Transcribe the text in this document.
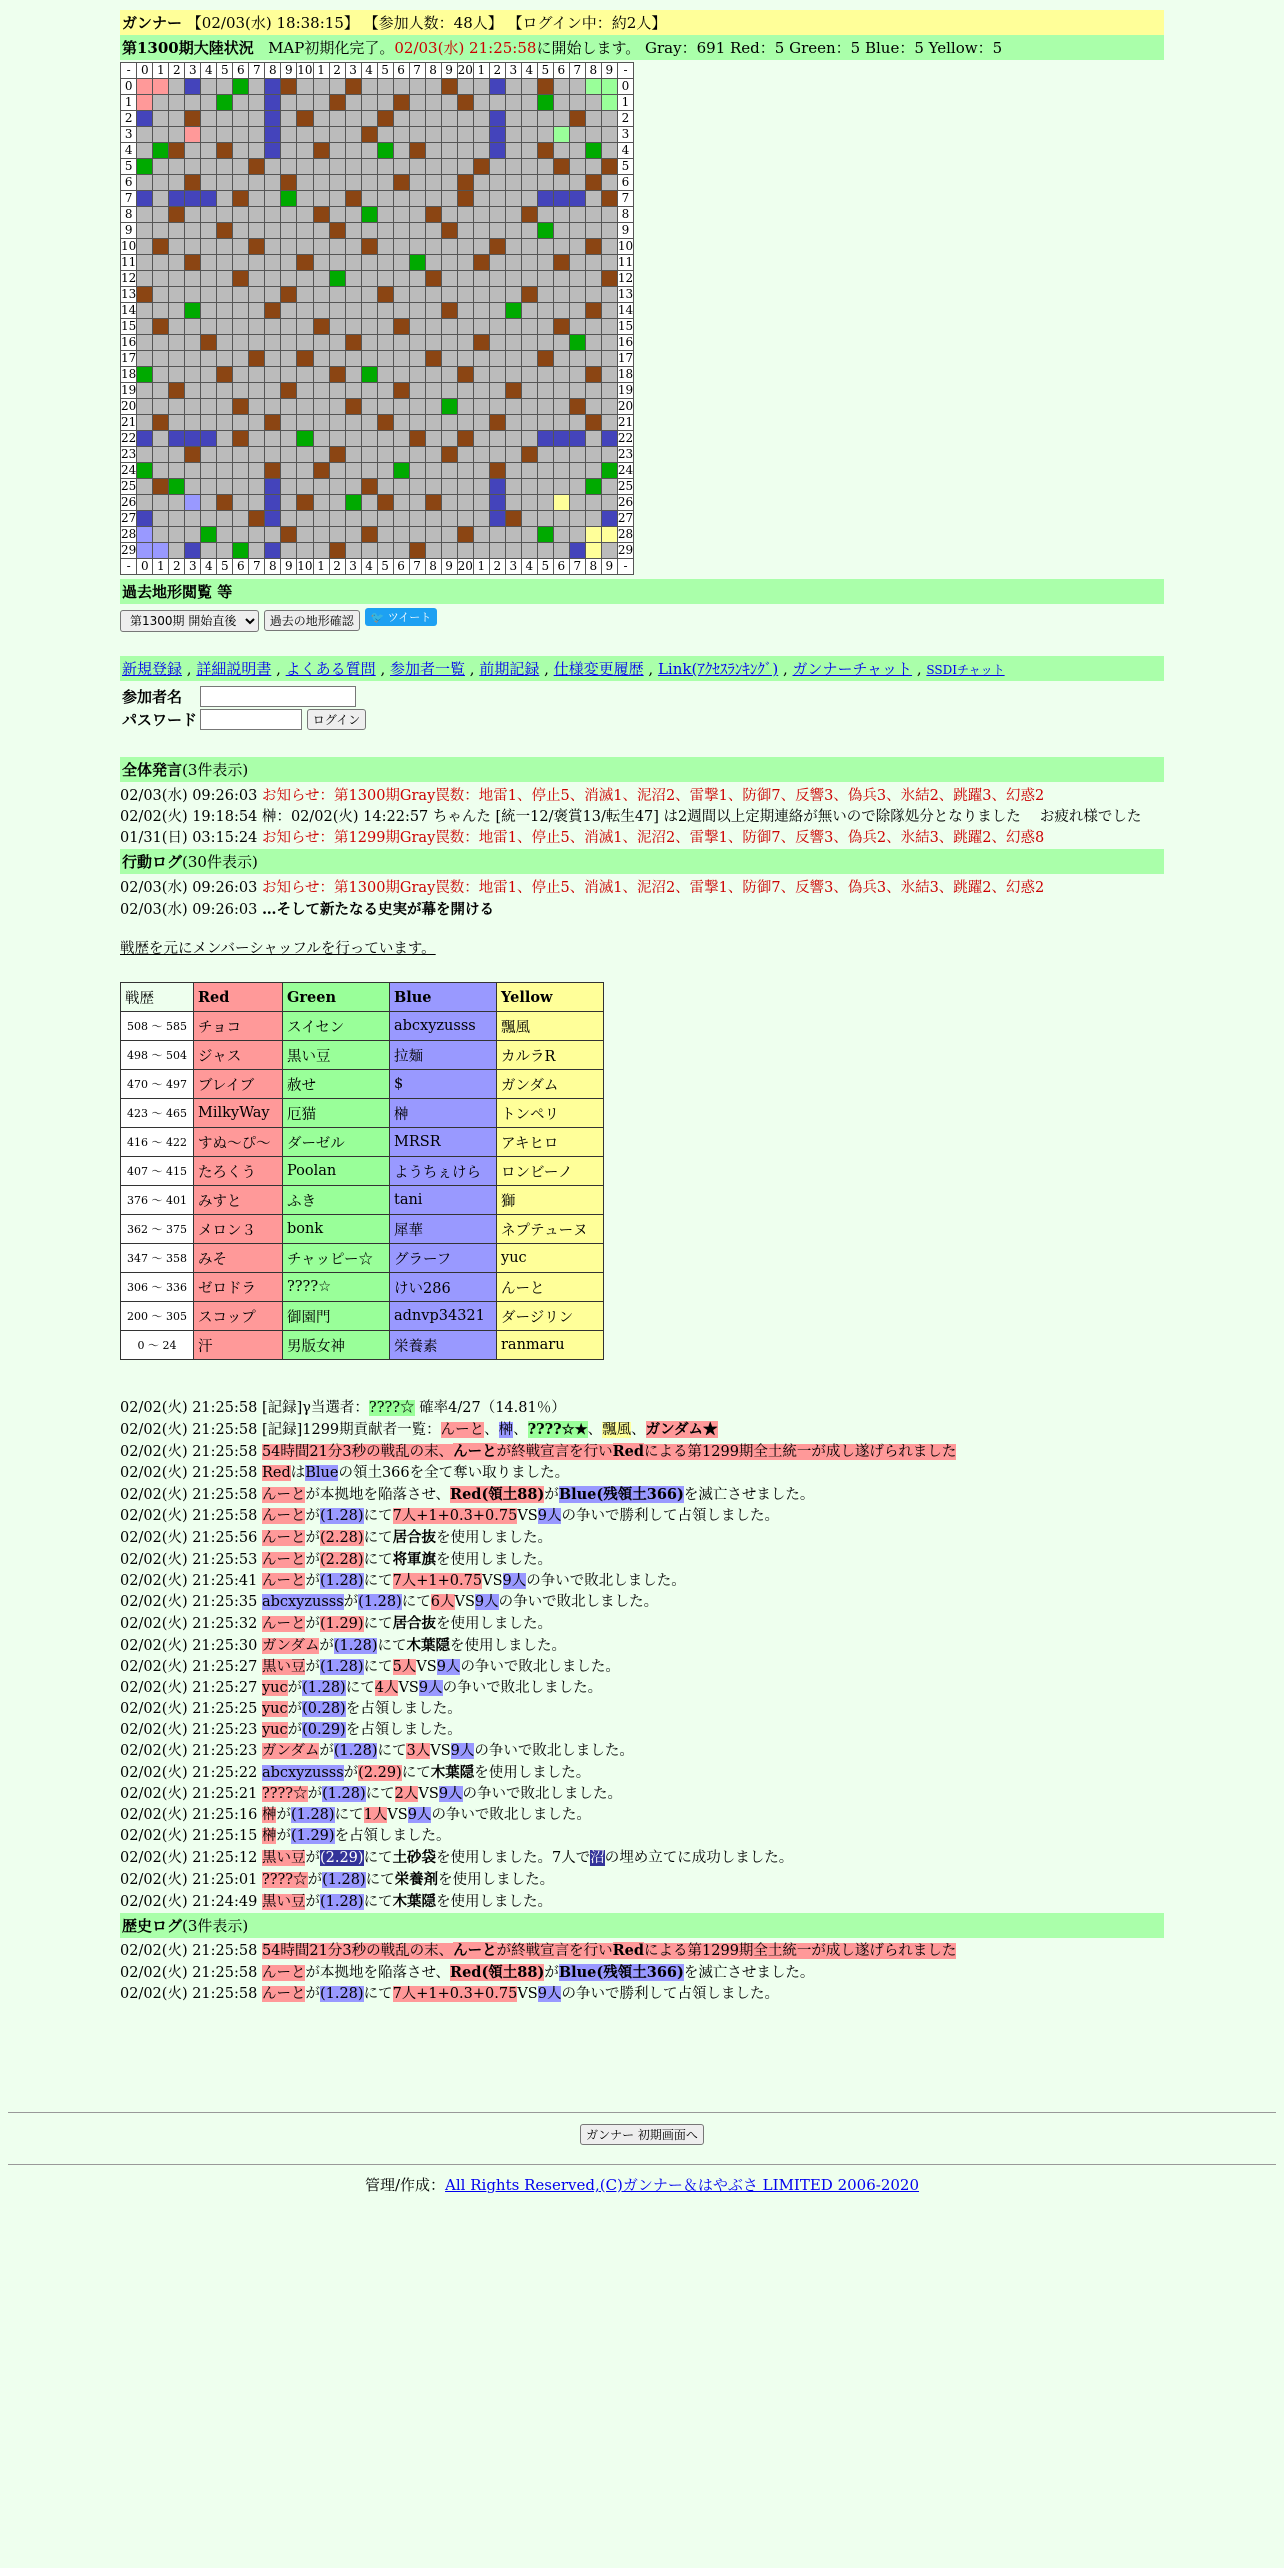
ガンナー 【02/03(水) 18:38:15】 【参加人数：48人】 【ログイン中：約2人】
第1300期大陸状況 MAP初期化完了。02/03(水) 21:25:58に開始します。 Gray：691 Red：5 Green：5 Blue：5 Yellow：5
-	0	1	2	3	4	5	6	7	8	9	10	1	2	3	4	5	6	7	8	9	20	1	2	3	4	5	6	7	8	9	-
0																															0
1																															1
2																															2
3																															3
4																															4
5																															5
6																															6
7																															7
8																															8
9																															9
10																															10
11																															11
12																															12
13																															13
14																															14
15																															15
16																															16
17																															17
18																															18
19																															19
20																															20
21																															21
22																															22
23																															23
24																															24
25																															25
26																															26
27																															27
28																															28
29																															29
-	0	1	2	3	4	5	6	7	8	9	10	1	2	3	4	5	6	7	8	9	20	1	2	3	4	5	6	7	8	9	-
過去地形閲覧 等
第1300期 開始直後 過去の地形確認 🐦 ツイート
新規登録 , 詳細説明書 , よくある質問 , 参加者一覧 , 前期記録 , 仕様変更履歴 , Link(ｱｸｾｽﾗﾝｷﾝｸﾞ) , ガンナーチャット , SSDIチャット
参加者名	
パスワード	ログイン
全体発言(3件表示)
02/03(水) 09:26:03 お知らせ：第1300期Gray罠数：地雷1、停止5、消滅1、泥沼2、雷撃1、防御7、反響3、偽兵3、氷結2、跳躍3、幻惑2
02/02(火) 19:18:54 榊：02/02(火) 14:22:57 ちゃんた [統一12/褒賞13/転生47] は2週間以上定期連絡が無いので除隊処分となりました　 お疲れ様でした
01/31(日) 03:15:24 お知らせ：第1299期Gray罠数：地雷1、停止5、消滅1、泥沼2、雷撃1、防御7、反響3、偽兵2、氷結3、跳躍2、幻惑8
行動ログ(30件表示)
02/03(水) 09:26:03 お知らせ：第1300期Gray罠数：地雷1、停止5、消滅1、泥沼2、雷撃1、防御7、反響3、偽兵3、氷結3、跳躍2、幻惑2
02/03(水) 09:26:03 …そして新たなる史実が幕を開ける
戦歴を元にメンバーシャッフルを行っています。
戦歴	Red	Green	Blue	Yellow
508 ～ 585	チョコ	スイセン	abcxyzusss	飄風
498 ～ 504	ジャス	黒い豆	拉麺	カルラR
470 ～ 497	ブレイブ	赦せ	$	ガンダム
423 ～ 465	MilkyWay	厄猫	榊	トンペリ
416 ～ 422	すぬ～ぴ～	ダーゼル	MRSR	アキヒロ
407 ～ 415	たろくう	Poolan	ようちぇけら	ロンビーノ
376 ～ 401	みすと	ふき	tani	獅
362 ～ 375	メロン３	bonk	犀華	ネプテューヌ
347 ～ 358	みそ	チャッピー☆	グラーフ	yuc
306 ～ 336	ゼロドラ	????☆	けい286	んーと
200 ～ 305	スコップ	御園門	adnvp34321	ダージリン
0 ～ 24	汗	男版女神	栄養素	ranmaru
02/02(火) 21:25:58 [記録]γ当選者：????☆ 確率4/27（14.81％）
02/02(火) 21:25:58 [記録]1299期貢献者一覧：んーと、榊、????☆★、飄風、ガンダム★
02/02(火) 21:25:58 54時間21分3秒の戦乱の末、んーとが終戦宣言を行いRedによる第1299期全土統一が成し遂げられました
02/02(火) 21:25:58 RedはBlueの領土366を全て奪い取りました。
02/02(火) 21:25:58 んーとが本拠地を陥落させ、Red(領土88)がBlue(残領土366)を滅亡させました。
02/02(火) 21:25:58 んーとが(1.28)にて7人+1+0.3+0.75VS9人の争いで勝利して占領しました。
02/02(火) 21:25:56 んーとが(2.28)にて居合抜を使用しました。
02/02(火) 21:25:53 んーとが(2.28)にて将軍旗を使用しました。
02/02(火) 21:25:41 んーとが(1.28)にて7人+1+0.75VS9人の争いで敗北しました。
02/02(火) 21:25:35 abcxyzusssが(1.28)にて6人VS9人の争いで敗北しました。
02/02(火) 21:25:32 んーとが(1.29)にて居合抜を使用しました。
02/02(火) 21:25:30 ガンダムが(1.28)にて木葉隠を使用しました。
02/02(火) 21:25:27 黒い豆が(1.28)にて5人VS9人の争いで敗北しました。
02/02(火) 21:25:27 yucが(1.28)にて4人VS9人の争いで敗北しました。
02/02(火) 21:25:25 yucが(0.28)を占領しました。
02/02(火) 21:25:23 yucが(0.29)を占領しました。
02/02(火) 21:25:23 ガンダムが(1.28)にて3人VS9人の争いで敗北しました。
02/02(火) 21:25:22 abcxyzusssが(2.29)にて木葉隠を使用しました。
02/02(火) 21:25:21 ????☆が(1.28)にて2人VS9人の争いで敗北しました。
02/02(火) 21:25:16 榊が(1.28)にて1人VS9人の争いで敗北しました。
02/02(火) 21:25:15 榊が(1.29)を占領しました。
02/02(火) 21:25:12 黒い豆が(2.29)にて土砂袋を使用しました。7人で沼の埋め立てに成功しました。
02/02(火) 21:25:01 ????☆が(1.28)にて栄養剤を使用しました。
02/02(火) 21:24:49 黒い豆が(1.28)にて木葉隠を使用しました。
歴史ログ(3件表示)
02/02(火) 21:25:58 54時間21分3秒の戦乱の末、んーとが終戦宣言を行いRedによる第1299期全土統一が成し遂げられました
02/02(火) 21:25:58 んーとが本拠地を陥落させ、Red(領土88)がBlue(残領土366)を滅亡させました。
02/02(火) 21:25:58 んーとが(1.28)にて7人+1+0.3+0.75VS9人の争いで勝利して占領しました。
ガンナー 初期画面へ
管理/作成：All Rights Reserved,(C)ガンナー＆はやぶさ LIMITED 2006-2020
